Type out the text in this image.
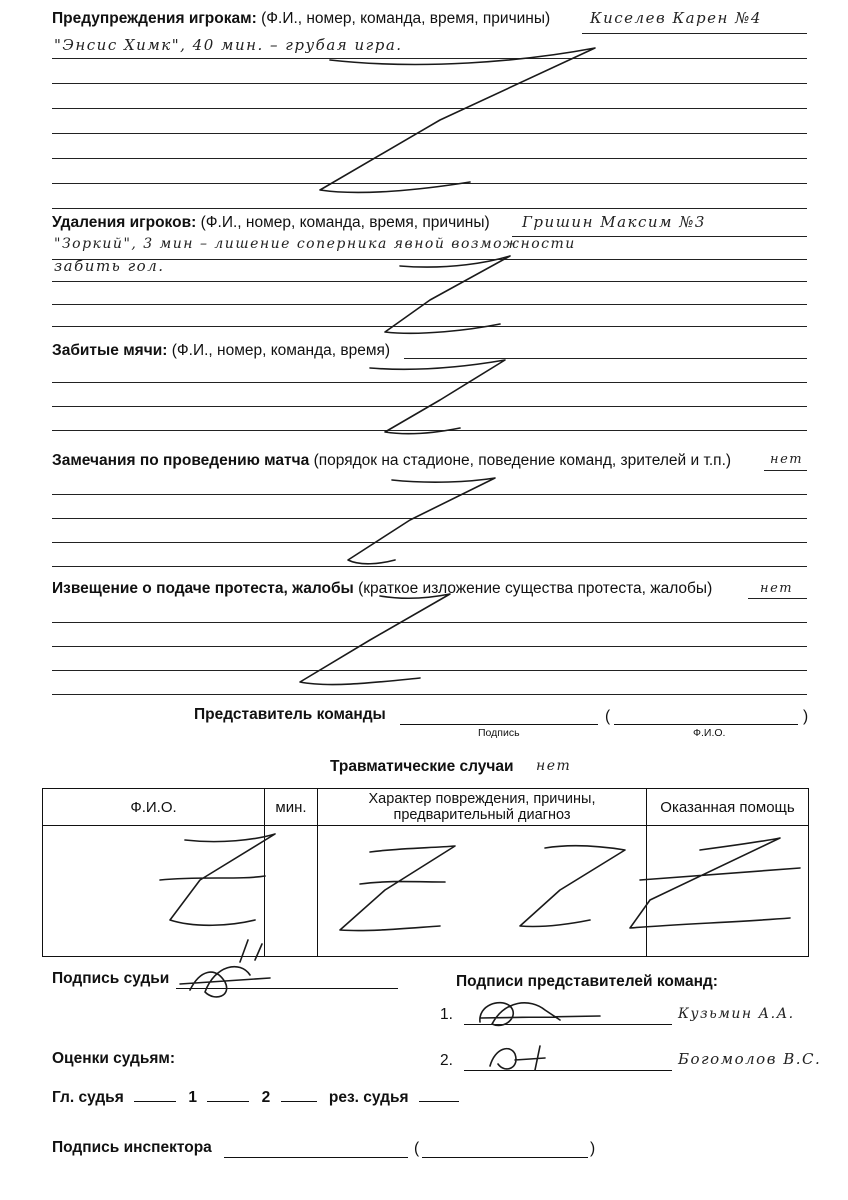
Предупреждения игрокам: (Ф.И., номер, команда, время, причины)	Киселев Карен №4
"Энсис Химк", 40 мин. – грубая игра.
Удаления игроков: (Ф.И., номер, команда, время, причины) Гришин Максим №3
"Зоркий", 3 мин – лишение соперника явной возможности
забить гол.
Забитые мячи: (Ф.И., номер, команда, время)
Замечания по проведению матча (порядок на стадионе, поведение команд, зрителей и т.п.)	нет
Извещение о подаче протеста, жалобы (краткое изложение существа протеста, жалобы)	нет
Представитель команды	(	)
Подпись	Ф.И.О.
Травматические случаи нет
Ф.И.О.	мин.	Характер повреждения, причины, предварительный диагноз	Оказанная помощь

Подпись судьи	Подписи представителей команд:
1.	Кузьмин А.А.
2.	Богомолов В.С.
Оценки судьям:
Гл. судья	1	2	рез. судья
Подпись инспектора	(	)
